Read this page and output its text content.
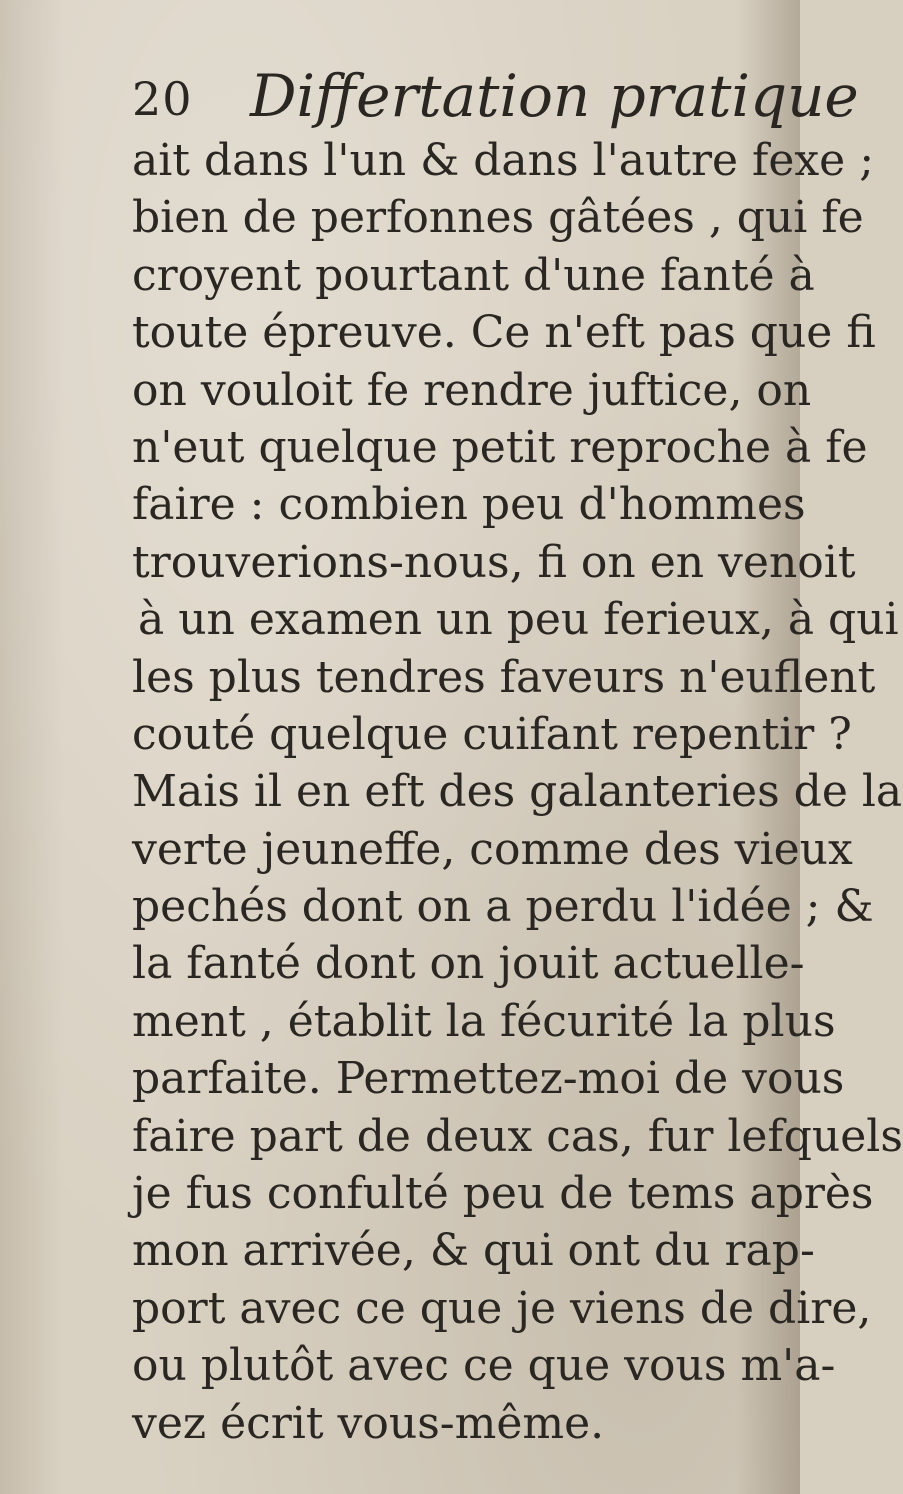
20 Differtation pratique
ait dans l'un & dans l'autre fexe ;
bien de perfonnes gâtées , qui fe
croyent pourtant d'une fanté à
toute épreuve. Ce n'eft pas que fi
on vouloit fe rendre juftice, on
n'eut quelque petit reproche à fe
faire : combien peu d'hommes
trouverions-nous, fi on en venoit
à un examen un peu ferieux, à qui
les plus tendres faveurs n'euflent
couté quelque cuifant repentir ?
Mais il en eft des galanteries de la
verte jeuneffe, comme des vieux
pechés dont on a perdu l'idée ; &
la fanté dont on jouit actuelle-
ment , établit la fécurité la plus
parfaite. Permettez-moi de vous
faire part de deux cas, fur lefquels
je fus confulté peu de tems après
mon arrivée, & qui ont du rap-
port avec ce que je viens de dire,
ou plutôt avec ce que vous m'a-
vez écrit vous-même.
